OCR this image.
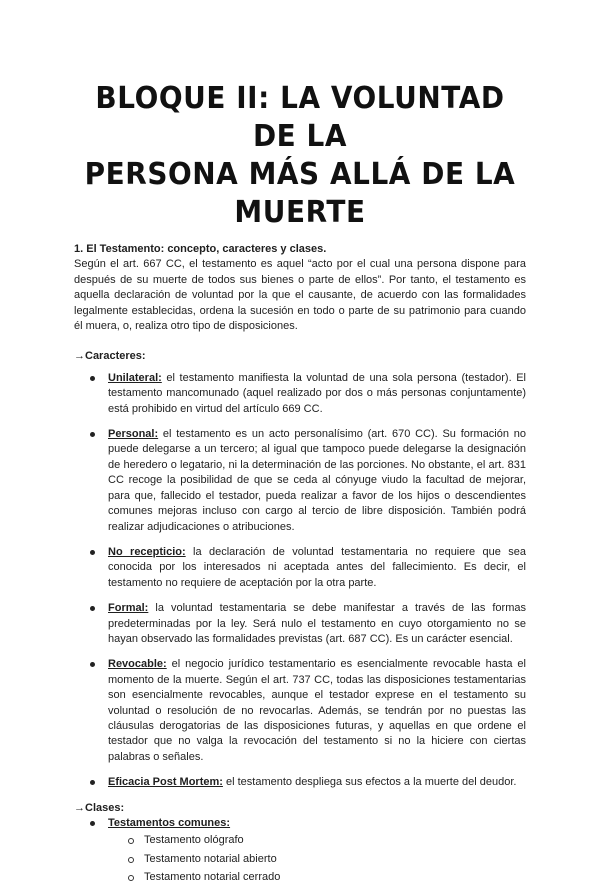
BLOQUE II: LA VOLUNTAD DE LA
PERSONA MÁS ALLÁ DE LA MUERTE
1. El Testamento: concepto, caracteres y clases.

Según el art. 667 CC, el testamento es aquel “acto por el cual una persona dispone para después de su muerte de todos sus bienes o parte de ellos”. Por tanto, el testamento es aquella declaración de voluntad por la que el causante, de acuerdo con las formalidades legalmente establecidas, ordena la sucesión en todo o parte de su patrimonio para cuando él muera, o, realiza otro tipo de disposiciones.

→Caracteres:
Unilateral: el testamento manifiesta la voluntad de una sola persona (testador). El testamento mancomunado (aquel realizado por dos o más personas conjuntamente) está prohibido en virtud del artículo 669 CC.
Personal: el testamento es un acto personalísimo (art. 670 CC). Su formación no puede delegarse a un tercero; al igual que tampoco puede delegarse la designación de heredero o legatario, ni la determinación de las porciones. No obstante, el art. 831 CC recoge la posibilidad de que se ceda al cónyuge viudo la facultad de mejorar, para que, fallecido el testador, pueda realizar a favor de los hijos o descendientes comunes mejoras incluso con cargo al tercio de libre disposición. También podrá realizar adjudicaciones o atribuciones.
No recepticio: la declaración de voluntad testamentaria no requiere que sea conocida por los interesados ni aceptada antes del fallecimiento. Es decir, el testamento no requiere de aceptación por la otra parte.
Formal: la voluntad testamentaria se debe manifestar a través de las formas predeterminadas por la ley. Será nulo el testamento en cuyo otorgamiento no se hayan observado las formalidades previstas (art. 687 CC). Es un carácter esencial.
Revocable: el negocio jurídico testamentario es esencialmente revocable hasta el momento de la muerte. Según el art. 737 CC, todas las disposiciones testamentarias son esencialmente revocables, aunque el testador exprese en el testamento su voluntad o resolución de no revocarlas. Además, se tendrán por no puestas las cláusulas derogatorias de las disposiciones futuras, y aquellas en que ordene el testador que no valga la revocación del testamento si no la hiciere con ciertas palabras o señales.
Eficacia Post Mortem: el testamento despliega sus efectos a la muerte del deudor.
→Clases:
Testamentos comunes:
Testamento ológrafo
Testamento notarial abierto
Testamento notarial cerrado
